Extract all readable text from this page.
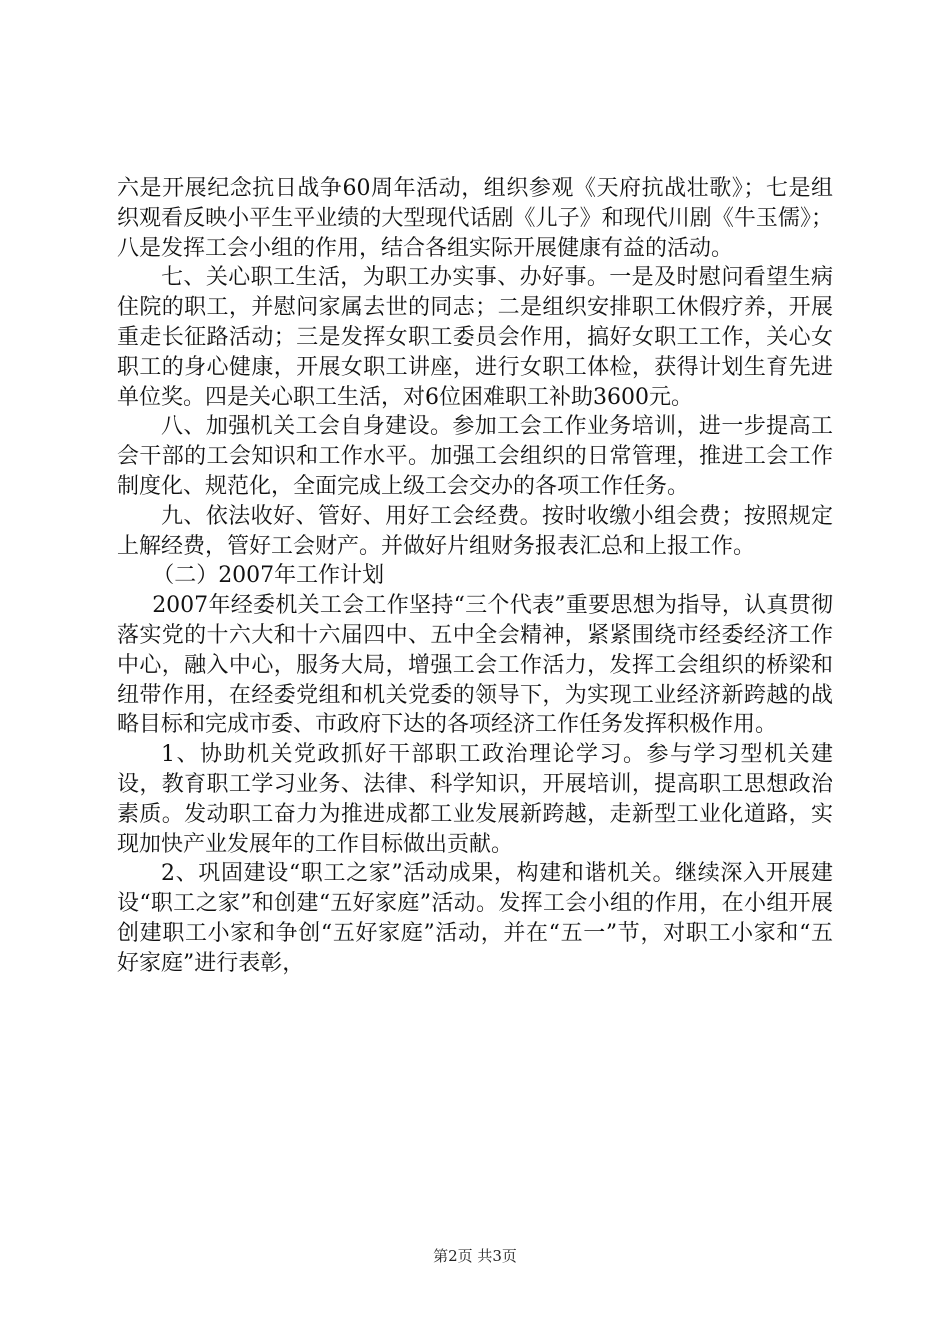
六是开展纪念抗日战争60周年活动，组织参观《天府抗战壮歌》；七是组织观看反映小平生平业绩的大型现代话剧《儿子》和现代川剧《牛玉儒》；八是发挥工会小组的作用，结合各组实际开展健康有益的活动。

七、关心职工生活，为职工办实事、办好事。一是及时慰问看望生病住院的职工，并慰问家属去世的同志；二是组织安排职工休假疗养，开展重走长征路活动；三是发挥女职工委员会作用，搞好女职工工作，关心女职工的身心健康，开展女职工讲座，进行女职工体检，获得计划生育先进单位奖。四是关心职工生活，对6位困难职工补助3600元。

八、加强机关工会自身建设。参加工会工作业务培训，进一步提高工会干部的工会知识和工作水平。加强工会组织的日常管理，推进工会工作制度化、规范化，全面完成上级工会交办的各项工作任务。

九、依法收好、管好、用好工会经费。按时收缴小组会费；按照规定上解经费，管好工会财产。并做好片组财务报表汇总和上报工作。

（二）2007年工作计划

2007年经委机关工会工作坚持“三个代表”重要思想为指导，认真贯彻落实党的十六大和十六届四中、五中全会精神，紧紧围绕市经委经济工作中心，融入中心，服务大局，增强工会工作活力，发挥工会组织的桥梁和纽带作用，在经委党组和机关党委的领导下，为实现工业经济新跨越的战略目标和完成市委、市政府下达的各项经济工作任务发挥积极作用。

1、协助机关党政抓好干部职工政治理论学习。参与学习型机关建设，教育职工学习业务、法律、科学知识，开展培训，提高职工思想政治素质。发动职工奋力为推进成都工业发展新跨越，走新型工业化道路，实现加快产业发展年的工作目标做出贡献。

2、巩固建设“职工之家”活动成果，构建和谐机关。继续深入开展建设“职工之家”和创建“五好家庭”活动。发挥工会小组的作用，在小组开展创建职工小家和争创“五好家庭”活动，并在“五一”节，对职工小家和“五好家庭”进行表彰，

第2页 共3页
